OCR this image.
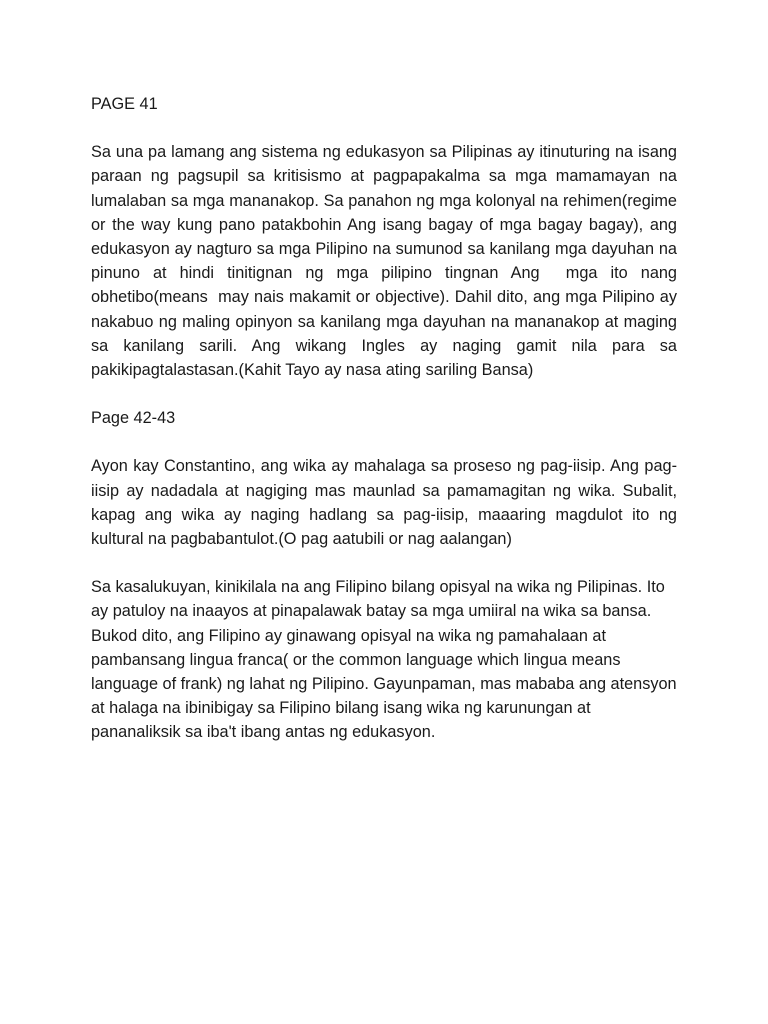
PAGE 41
Sa una pa lamang ang sistema ng edukasyon sa Pilipinas ay itinuturing na isang paraan ng pagsupil sa kritisismo at pagpapakalma sa mga mamamayan na lumalaban sa mga mananakop. Sa panahon ng mga kolonyal na rehimen(regime or the way kung pano patakbohin Ang isang bagay of mga bagay bagay), ang edukasyon ay nagturo sa mga Pilipino na sumunod sa kanilang mga dayuhan na pinuno at hindi tinitignan ng mga pilipino tingnan Ang  mga ito nang obhetibo(means  may nais makamit or objective). Dahil dito, ang mga Pilipino ay nakabuo ng maling opinyon sa kanilang mga dayuhan na mananakop at maging sa kanilang sarili. Ang wikang Ingles ay naging gamit nila para sa pakikipagtalastasan.(Kahit Tayo ay nasa ating sariling Bansa)
Page 42-43
Ayon kay Constantino, ang wika ay mahalaga sa proseso ng pag-iisip. Ang pag-iisip ay nadadala at nagiging mas maunlad sa pamamagitan ng wika. Subalit, kapag ang wika ay naging hadlang sa pag-iisip, maaaring magdulot ito ng kultural na pagbabantulot.(O pag aatubili or nag aalangan)
Sa kasalukuyan, kinikilala na ang Filipino bilang opisyal na wika ng Pilipinas. Ito ay patuloy na inaayos at pinapalawak batay sa mga umiiral na wika sa bansa. Bukod dito, ang Filipino ay ginawang opisyal na wika ng pamahalaan at pambansang lingua franca( or the common language which lingua means language of frank) ng lahat ng Pilipino. Gayunpaman, mas mababa ang atensyon at halaga na ibinibigay sa Filipino bilang isang wika ng karunungan at pananaliksik sa iba't ibang antas ng edukasyon.
